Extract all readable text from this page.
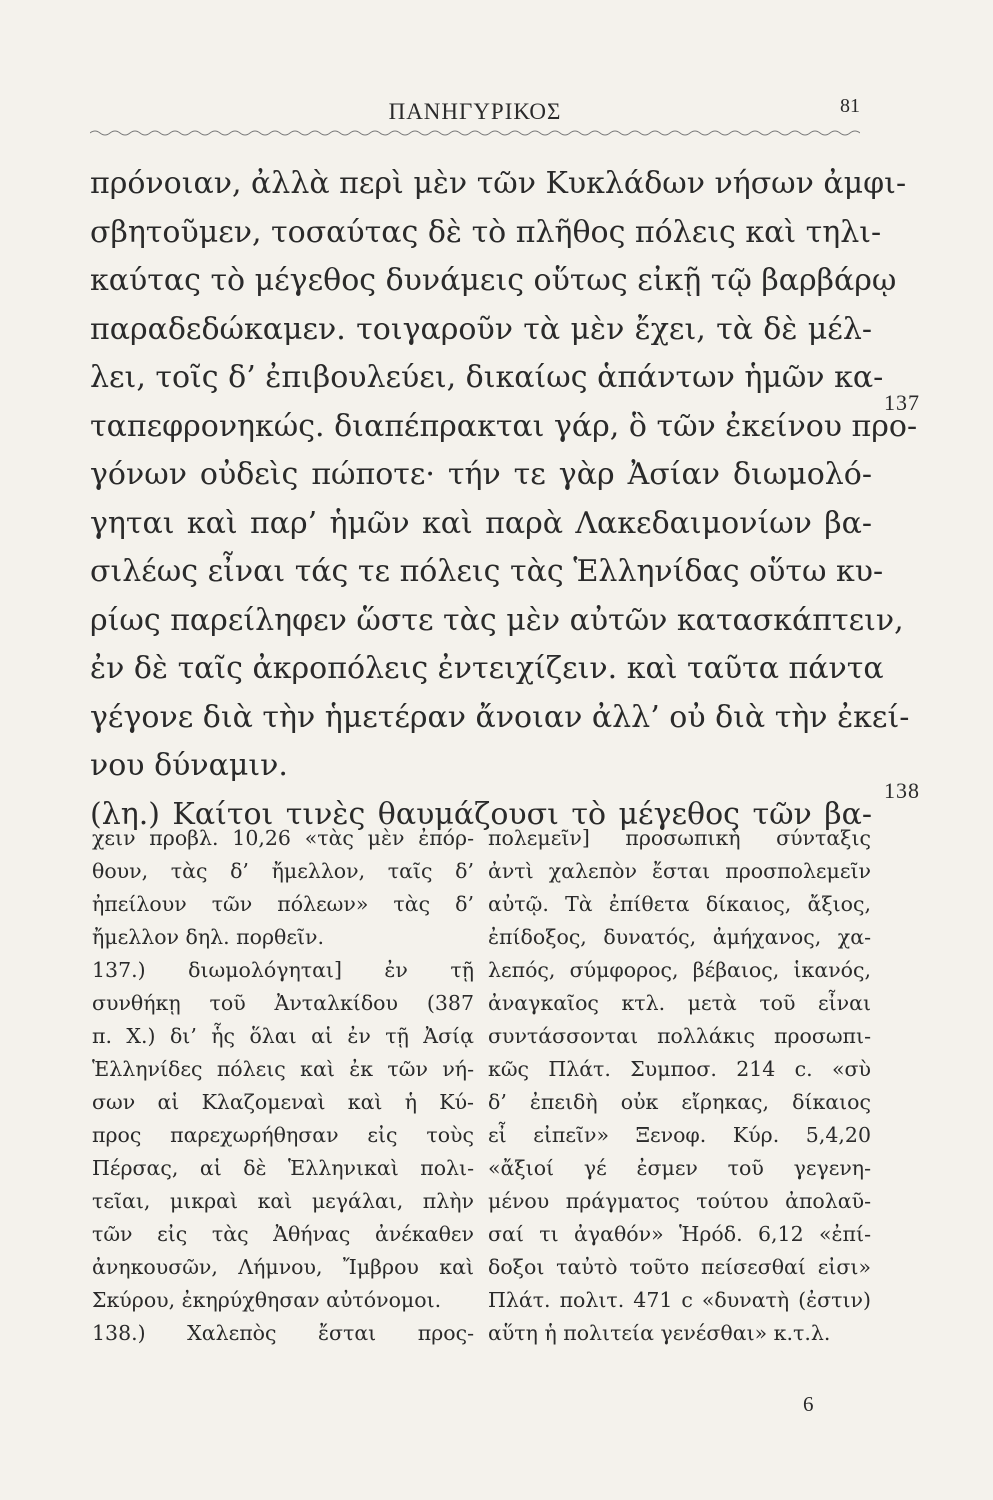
ΠΑΝΗΓΥΡΙΚΟΣ	81
πρόνοιαν, ἀλλὰ περὶ μὲν τῶν Κυκλάδων νήσων ἀμφι-
σβητοῦμεν, τοσαύτας δὲ τὸ πλῆθος πόλεις καὶ τηλι-
καύτας τὸ μέγεθος δυνάμεις οὕτως εἰκῇ τῷ βαρβάρῳ
παραδεδώκαμεν. τοιγαροῦν τὰ μὲν ἔχει, τὰ δὲ μέλ-
λει, τοῖς δ’ ἐπιβουλεύει, δικαίως ἁπάντων ἡμῶν κα-
ταπεφρονηκώς. διαπέπρακται γάρ, ὃ τῶν ἐκείνου προ-
γόνων οὐδεὶς πώποτε· τήν τε γὰρ Ἀσίαν διωμολό-
γηται καὶ παρ’ ἡμῶν καὶ παρὰ Λακεδαιμονίων βα-
σιλέως εἶναι τάς τε πόλεις τὰς Ἑλληνίδας οὕτω κυ-
ρίως παρείληφεν ὥστε τὰς μὲν αὐτῶν κατασκάπτειν,
ἐν δὲ ταῖς ἀκροπόλεις ἐντειχίζειν. καὶ ταῦτα πάντα
γέγονε διὰ τὴν ἡμετέραν ἄνοιαν ἀλλ’ οὐ διὰ τὴν ἐκεί-
νου δύναμιν.
(λη.) Καίτοι τινὲς θαυμάζουσι τὸ μέγεθος τῶν βα-
137
138
χειν προβλ. 10,26 «τὰς μὲν ἐπόρ-
θουν, τὰς δ’ ἤμελλον, ταῖς δ’
ἠπείλουν τῶν πόλεων» τὰς δ’
ἤμελλον δηλ. πορθεῖν.
137.) διωμολόγηται] ἐν τῇ
συνθήκῃ τοῦ Ἀνταλκίδου (387
π. Χ.) δι’ ἧς ὅλαι αἱ ἐν τῇ Ἀσίᾳ
Ἑλληνίδες πόλεις καὶ ἐκ τῶν νή-
σων αἱ Κλαζομεναὶ καὶ ἡ Κύ-
προς παρεχωρήθησαν εἰς τοὺς
Πέρσας, αἱ δὲ Ἑλληνικαὶ πολι-
τεῖαι, μικραὶ καὶ μεγάλαι, πλὴν
τῶν εἰς τὰς Ἀθήνας ἀνέκαθεν
ἀνηκουσῶν, Λήμνου, Ἴμβρου καὶ
Σκύρου, ἐκηρύχθησαν αὐτόνομοι.
138.) Χαλεπὸς ἔσται προς-
πολεμεῖν] προσωπικὴ σύνταξις
ἀντὶ χαλεπὸν ἔσται προσπολεμεῖν
αὐτῷ. Τὰ ἐπίθετα δίκαιος, ἄξιος,
ἐπίδοξος, δυνατός, ἀμήχανος, χα-
λεπός, σύμφορος, βέβαιος, ἱκανός,
ἀναγκαῖος κτλ. μετὰ τοῦ εἶναι
συντάσσονται πολλάκις προσωπι-
κῶς Πλάτ. Συμποσ. 214 c. «σὺ
δ’ ἐπειδὴ οὐκ εἴρηκας, δίκαιος
εἶ εἰπεῖν» Ξενοφ. Κύρ. 5,4,20
«ἄξιοί γέ ἐσμεν τοῦ γεγενη-
μένου πράγματος τούτου ἀπολαῦ-
σαί τι ἀγαθόν» Ἡρόδ. 6,12 «ἐπί-
δοξοι ταὐτὸ τοῦτο πείσεσθαί εἰσι»
Πλάτ. πολιτ. 471 c «δυνατὴ (ἐστιν)
αὕτη ἡ πολιτεία γενέσθαι» κ.τ.λ.
6
